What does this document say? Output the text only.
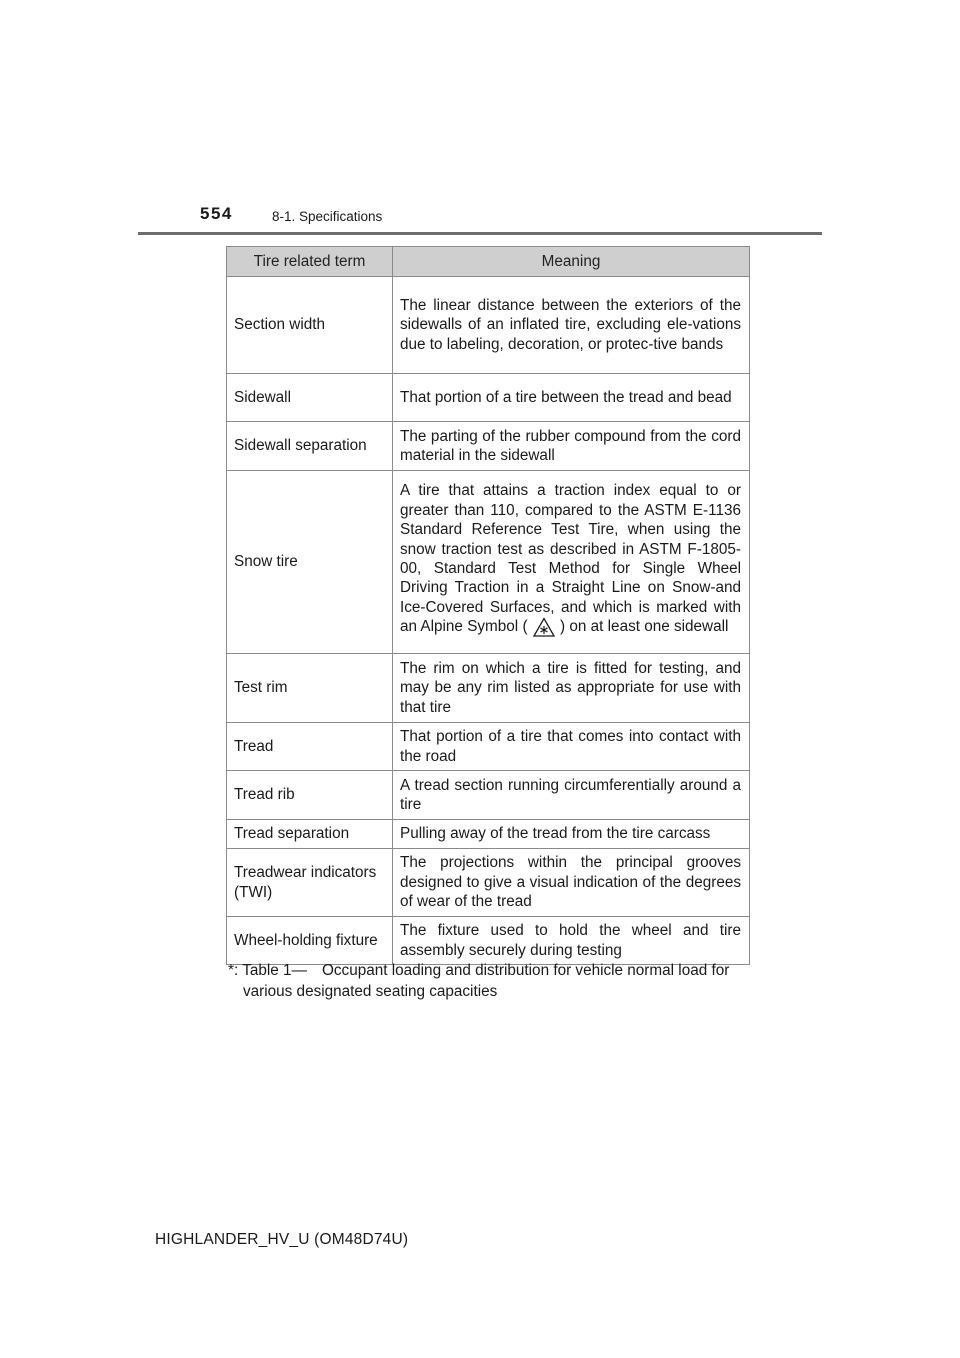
554	8-1. Specifications
Tire related term	Meaning
Section width	The linear distance between the exteriors of the sidewalls of an inflated tire, excluding ele-vations due to labeling, decoration, or protec-tive bands
Sidewall	That portion of a tire between the tread and bead
Sidewall separation	The parting of the rubber compound from the cord material in the sidewall
Snow tire	A tire that attains a traction index equal to or greater than 110, compared to the ASTM E-1136 Standard Reference Test Tire, when using the snow traction test as described in ASTM F-1805-00, Standard Test Method for Single Wheel Driving Traction in a Straight Line on Snow-and Ice-Covered Surfaces, and which is marked with an Alpine Symbol ( ) on at least one sidewall
Test rim	The rim on which a tire is fitted for testing, and may be any rim listed as appropriate for use with that tire
Tread	That portion of a tire that comes into contact with the road
Tread rib	A tread section running circumferentially around a tire
Tread separation	Pulling away of the tread from the tire carcass
Treadwear indicators (TWI)	The projections within the principal grooves designed to give a visual indication of the degrees of wear of the tread
Wheel-holding fixture	The fixture used to hold the wheel and tire assembly securely during testing
*: Table 1 — Occupant loading and distribution for vehicle normal load for various designated seating capacities
HIGHLANDER_HV_U (OM48D74U)
